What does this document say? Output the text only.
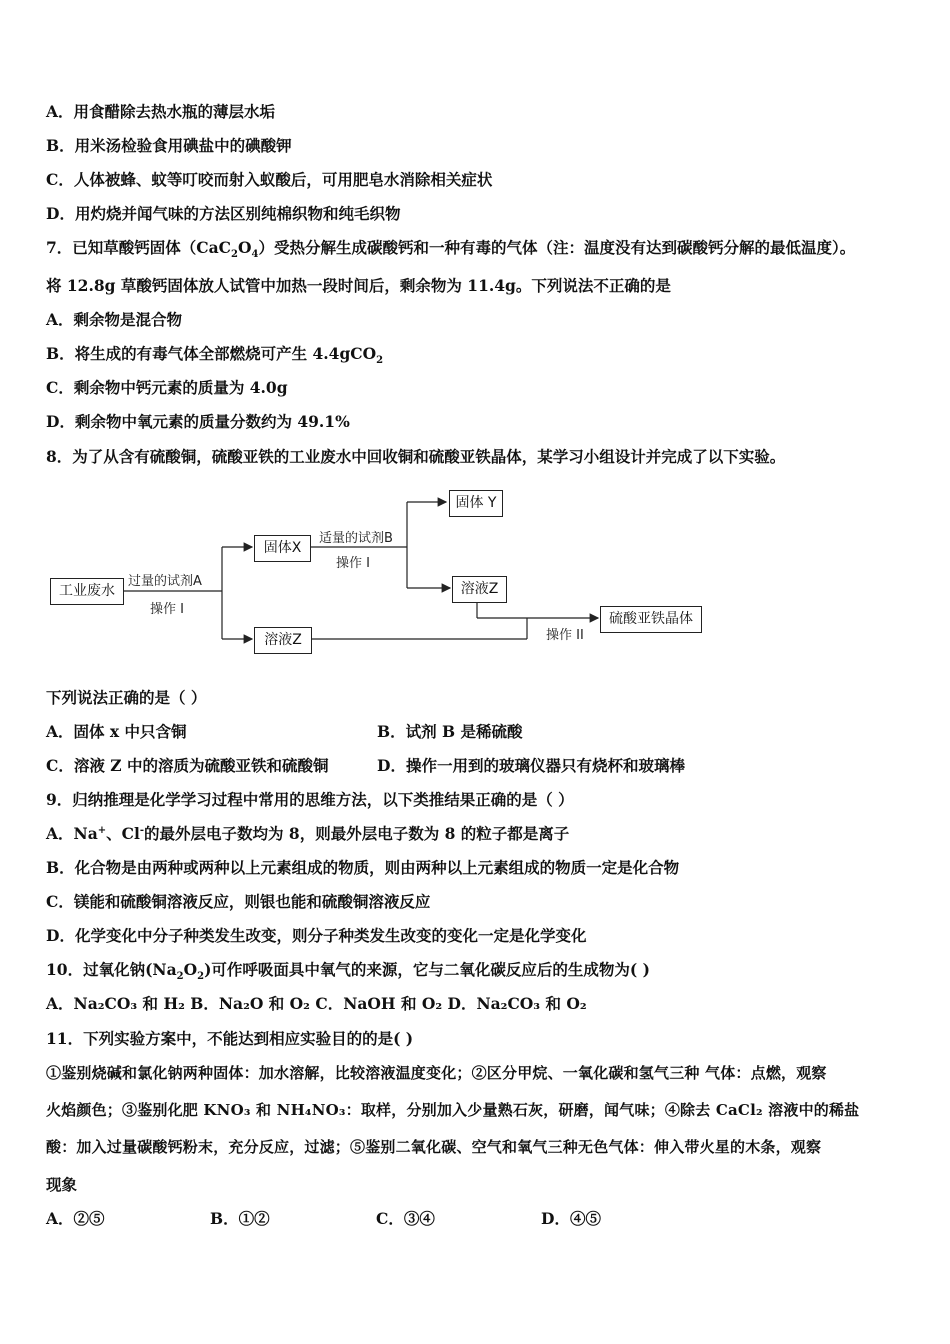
A．用食醋除去热水瓶的薄层水垢
B．用米汤检验食用碘盐中的碘酸钾
C．人体被蜂、蚊等叮咬而射入蚁酸后，可用肥皂水消除相关症状
D．用灼烧并闻气味的方法区别纯棉织物和纯毛织物
7．已知草酸钙固体$(CaC_2O_4)$受热分解生成碳酸钙和一种有毒的气体（注：温度没有达到碳酸钙分解的最低温度）。
将 12.8g 草酸钙固体放人试管中加热一段时间后，剩余物为 11.4g。下列说法不正确的是
A．剩余物是混合物
B．将生成的有毒气体全部燃烧可产生 4.4gCO$_2$
C．剩余物中钙元素的质量为 4.0g
D．剩余物中氧元素的质量分数约为 49.1%
8．为了从含有硫酸铜，硫酸亚铁的工业废水中回收铜和硫酸亚铁晶体，某学习小组设计并完成了以下实验。
工业废水
过量的试剂A
操作 I
固体X
适量的试剂B
操作 I
固体 Y
溶液Z
溶液Z	操作 II
硫酸亚铁晶体
下列说法正确的是（ ）
A．固体 x 中只含铜	B．试剂 B 是稀硫酸
C．溶液 Z 中的溶质为硫酸亚铁和硫酸铜	D．操作一用到的玻璃仪器只有烧杯和玻璃棒
9．归纳推理是化学学习过程中常用的思维方法，以下类推结果正确的是（ ）
A．Na+、Cl-的最外层电子数均为 8，则最外层电子数为 8 的粒子都是离子
B．化合物是由两种或两种以上元素组成的物质，则由两种以上元素组成的物质一定是化合物
C．镁能和硫酸铜溶液反应，则银也能和硫酸铜溶液反应
D．化学变化中分子种类发生改变，则分子种类发生改变的变化一定是化学变化
10．过氧化钠$(Na_2O_2)$可作呼吸面具中氧气的来源，它与二氧化碳反应后的生成物为( )
A．Na₂CO₃ 和 H₂ B．Na₂O 和 O₂ C．NaOH 和 O₂ D．Na₂CO₃ 和 O₂
11．下列实验方案中，不能达到相应实验目的的是( )
①鉴别烧碱和氯化钠两种固体：加水溶解，比较溶液温度变化；②区分甲烷、一氧化碳和氢气三种 气体：点燃，观察
火焰颜色；③鉴别化肥 KNO₃ 和 NH₄NO₃：取样，分别加入少量熟石灰，研磨，闻气味；④除去 CaCl₂ 溶液中的稀盐
酸：加入过量碳酸钙粉末，充分反应，过滤；⑤鉴别二氧化碳、空气和氧气三种无色气体：伸入带火星的木条，观察
现象
A．②⑤	B．①②	C．③④	D．④⑤
